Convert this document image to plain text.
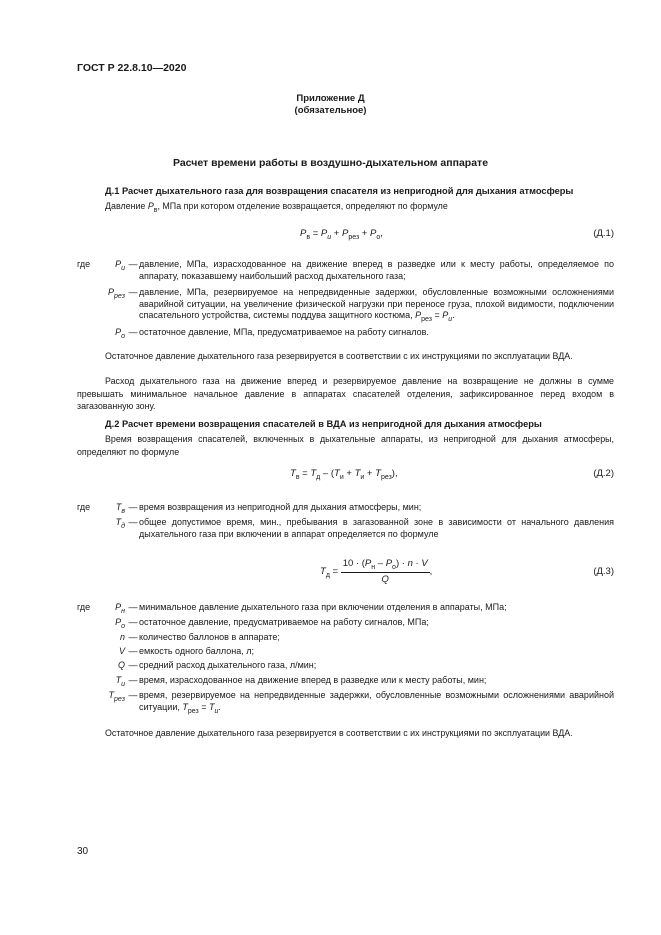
ГОСТ Р 22.8.10—2020
Приложение Д
(обязательное)
Расчет времени работы в воздушно-дыхательном аппарате
Д.1 Расчет дыхательного газа для возвращения спасателя из непригодной для дыхания атмосферы
Давление $P_в$, МПа при котором отделение возвращается, определяют по формуле
$P_в = P_и + P_{рез} + P_о$,	(Д.1)
где	$P_и$ — давление, МПа, израсходованное на движение вперед в разведке или к месту работы, определяемое по аппарату, показавшему наибольший расход дыхательного газа;
$P_{рез}$ — давление, МПа, резервируемое на непредвиденные задержки, обусловленные возможными осложнениями аварийной ситуации, на увеличение физической нагрузки при переносе груза, плохой видимости, подключении спасательного устройства, системы поддува защитного костюма, $P_{рез} = P_и$.
$P_о$ — остаточное давление, МПа, предусматриваемое на работу сигналов.
Остаточное давление дыхательного газа резервируется в соответствии с их инструкциями по эксплуатации ВДА.
Расход дыхательного газа на движение вперед и резервируемое давление на возвращение не должны в сумме превышать минимальное начальное давление в аппаратах спасателей отделения, зафиксированное перед входом в загазованную зону.
Д.2 Расчет времени возвращения спасателей в ВДА из непригодной для дыхания атмосферы
Время возвращения спасателей, включенных в дыхательные аппараты, из непригодной для дыхания атмосферы, определяют по формуле
$T_в = T_д - (T_и + T_и + T_{рез})$,	(Д.2)
где	$T_в$ — время возвращения из непригодной для дыхания атмосферы, мин;
$T_д$ — общее допустимое время, мин., пребывания в загазованной зоне в зависимости от начального давления дыхательного газа при включении в аппарат определяется по формуле
$T_д = \frac{10 \cdot (P_н - P_о) \cdot n \cdot V}{Q}$ ,	(Д.3)
где	$P_н$ — минимальное давление дыхательного газа при включении отделения в аппараты, МПа;
$P_о$ — остаточное давление, предусматриваемое на работу сигналов, МПа;
n — количество баллонов в аппарате;
V — емкость одного баллона, л;
Q — средний расход дыхательного газа, л/мин;
$T_и$ — время, израсходованное на движение вперед в разведке или к месту работы, мин;
$T_{рез}$ — время, резервируемое на непредвиденные задержки, обусловленные возможными осложнениями аварийной ситуации, $T_{рез} = T_и$.
Остаточное давление дыхательного газа резервируется в соответствии с их инструкциями по эксплуатации ВДА.
30
